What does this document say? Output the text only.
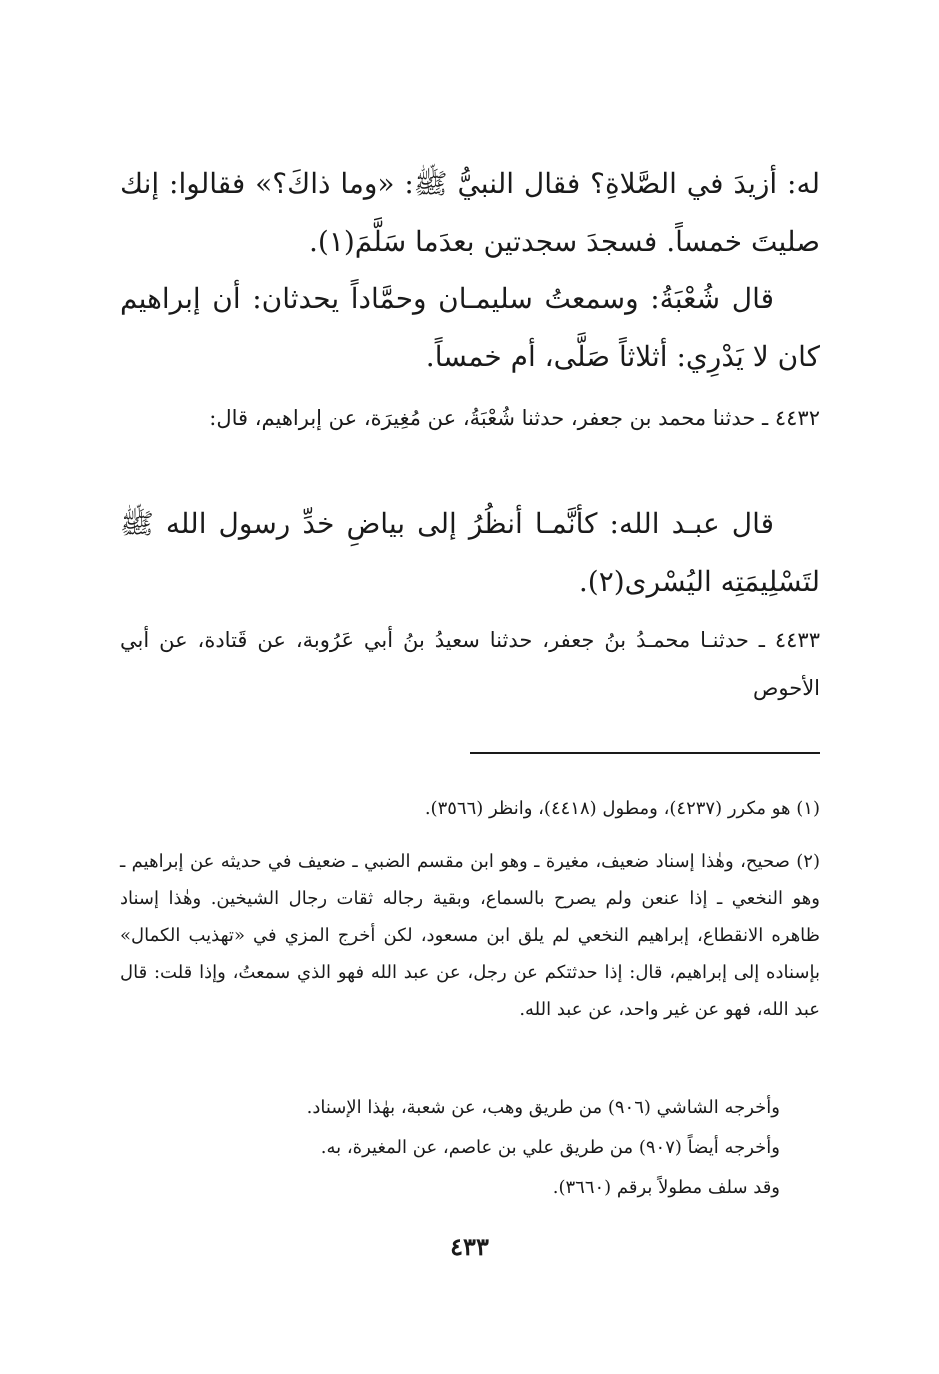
له: أزيدَ في الصَّلاةِ؟ فقال النبيُّ ﷺ: «وما ذاكَ؟» فقالوا: إنك صليتَ خمساً. فسجدَ سجدتين بعدَما سَلَّمَ(١).

قال شُعْبَةُ: وسمعتُ سليمـان وحمَّاداً يحدثان: أن إبراهيم كان لا يَدْرِي: أثلاثاً صَلَّى، أم خمساً.

٤٤٣٢ ـ حدثنا محمد بن جعفر، حدثنا شُعْبَةُ، عن مُغِيرَة، عن إبراهيم، قال:

قال عبـد الله: كأنَّمـا أنظُرُ إلى بياضِ خدِّ رسول الله ﷺ لتَسْلِيمَتِه اليُسْرى(٢).

٤٤٣٣ ـ حدثنـا محمـدُ بنُ جعفر، حدثنا سعيدُ بنُ أبي عَرُوبة، عن قَتادة، عن أبي الأحوص

(١) هو مكرر (٤٢٣٧)، ومطول (٤٤١٨)، وانظر (٣٥٦٦).

(٢) صحيح، وهٰذا إسناد ضعيف، مغيرة ـ وهو ابن مقسم الضبي ـ ضعيف في حديثه عن إبراهيم ـ وهو النخعي ـ إذا عنعن ولم يصرح بالسماع، وبقية رجاله ثقات رجال الشيخين. وهٰذا إسناد ظاهره الانقطاع، إبراهيم النخعي لم يلق ابن مسعود، لكن أخرج المزي في «تهذيب الكمال» بإسناده إلى إبراهيم، قال: إذا حدثتكم عن رجل، عن عبد الله فهو الذي سمعتُ، وإذا قلت: قال عبد الله، فهو عن غير واحد، عن عبد الله.

وأخرجه الشاشي (٩٠٦) من طريق وهب، عن شعبة، بهٰذا الإسناد.

وأخرجه أيضاً (٩٠٧) من طريق علي بن عاصم، عن المغيرة، به.

وقد سلف مطولاً برقم (٣٦٦٠).

٤٣٣
